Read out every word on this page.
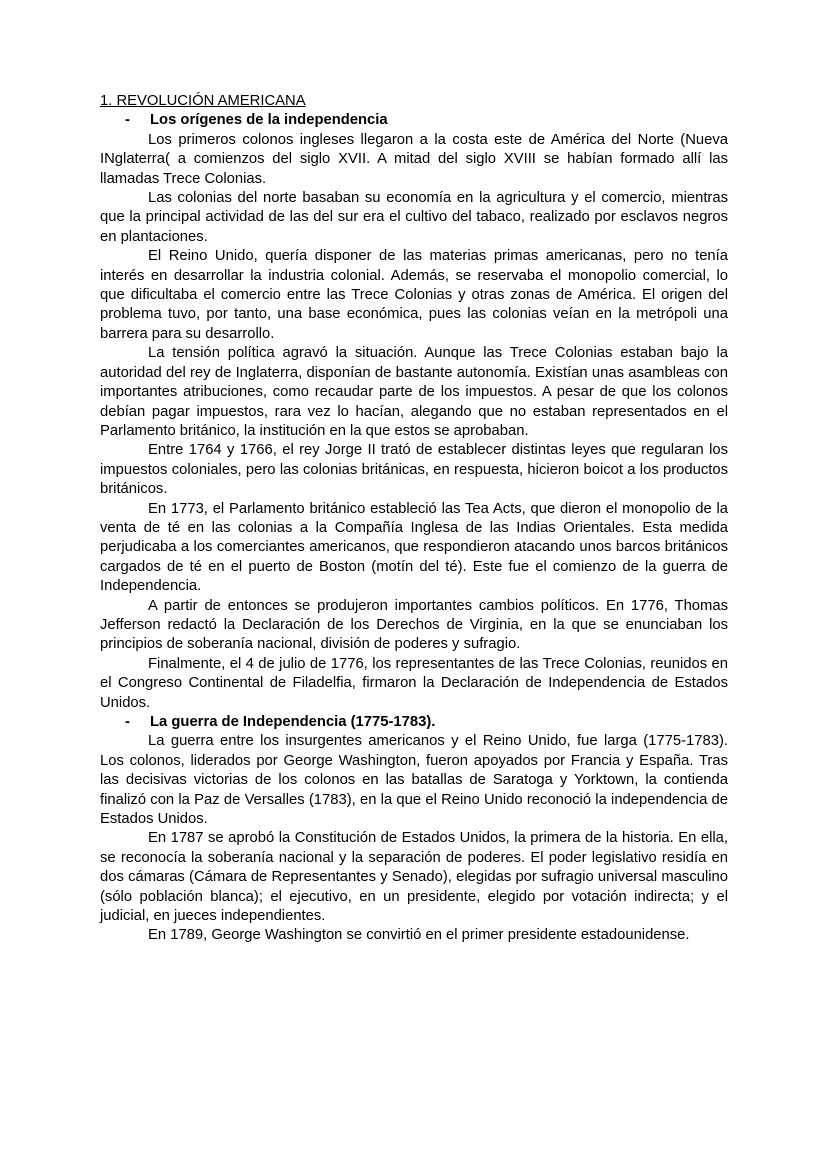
1. REVOLUCIÓN AMERICANA
-	Los orígenes de la independencia

Los primeros colonos ingleses llegaron a la costa este de América del Norte (Nueva INglaterra( a comienzos del siglo XVII. A mitad del siglo XVIII se habían formado allí las llamadas Trece Colonias.

Las colonias del norte basaban su economía en la agricultura y el comercio, mientras que la principal actividad de las del sur era el cultivo del tabaco, realizado por esclavos negros en plantaciones.

El Reino Unido, quería disponer de las materias primas americanas, pero no tenía interés en desarrollar la industria colonial. Además, se reservaba el monopolio comercial, lo que dificultaba el comercio entre las Trece Colonias y otras zonas de América. El origen del problema tuvo, por tanto, una base económica, pues las colonias veían en la metrópoli una barrera para su desarrollo.

La tensión política agravó la situación. Aunque las Trece Colonias estaban bajo la autoridad del rey de Inglaterra, disponían de bastante autonomía. Existían unas asambleas con importantes atribuciones, como recaudar parte de los impuestos. A pesar de que los colonos debían pagar impuestos, rara vez lo hacían, alegando que no estaban representados en el Parlamento británico, la institución en la que estos se aprobaban.

Entre 1764 y 1766, el rey Jorge II trató de establecer distintas leyes que regularan los impuestos coloniales, pero las colonias británicas, en respuesta, hicieron boicot a los productos británicos.

En 1773, el Parlamento británico estableció las Tea Acts, que dieron el monopolio de la venta de té en las colonias a la Compañía Inglesa de las Indias Orientales. Esta medida perjudicaba a los comerciantes americanos, que respondieron atacando unos barcos británicos cargados de té en el puerto de Boston (motín del té). Este fue el comienzo de la guerra de Independencia.

A partir de entonces se produjeron importantes cambios políticos. En 1776, Thomas Jefferson redactó la Declaración de los Derechos de Virginia, en la que se enunciaban los principios de soberanía nacional, división de poderes y sufragio.

Finalmente, el 4 de julio de 1776, los representantes de las Trece Colonias, reunidos en el Congreso Continental de Filadelfia, firmaron la Declaración de Independencia de Estados Unidos.

-	La guerra de Independencia (1775-1783).

La guerra entre los insurgentes americanos y el Reino Unido, fue larga (1775-1783). Los colonos, liderados por George Washington, fueron apoyados por Francia y España. Tras las decisivas victorias de los colonos en las batallas de Saratoga y Yorktown, la contienda finalizó con la Paz de Versalles (1783), en la que el Reino Unido reconoció la independencia de Estados Unidos.

En 1787 se aprobó la Constitución de Estados Unidos, la primera de la historia. En ella, se reconocía la soberanía nacional y la separación de poderes. El poder legislativo residía en dos cámaras (Cámara de Representantes y Senado), elegidas por sufragio universal masculino (sólo población blanca); el ejecutivo, en un presidente, elegido por votación indirecta; y el judicial, en jueces independientes.

En 1789, George Washington se convirtió en el primer presidente estadounidense.
